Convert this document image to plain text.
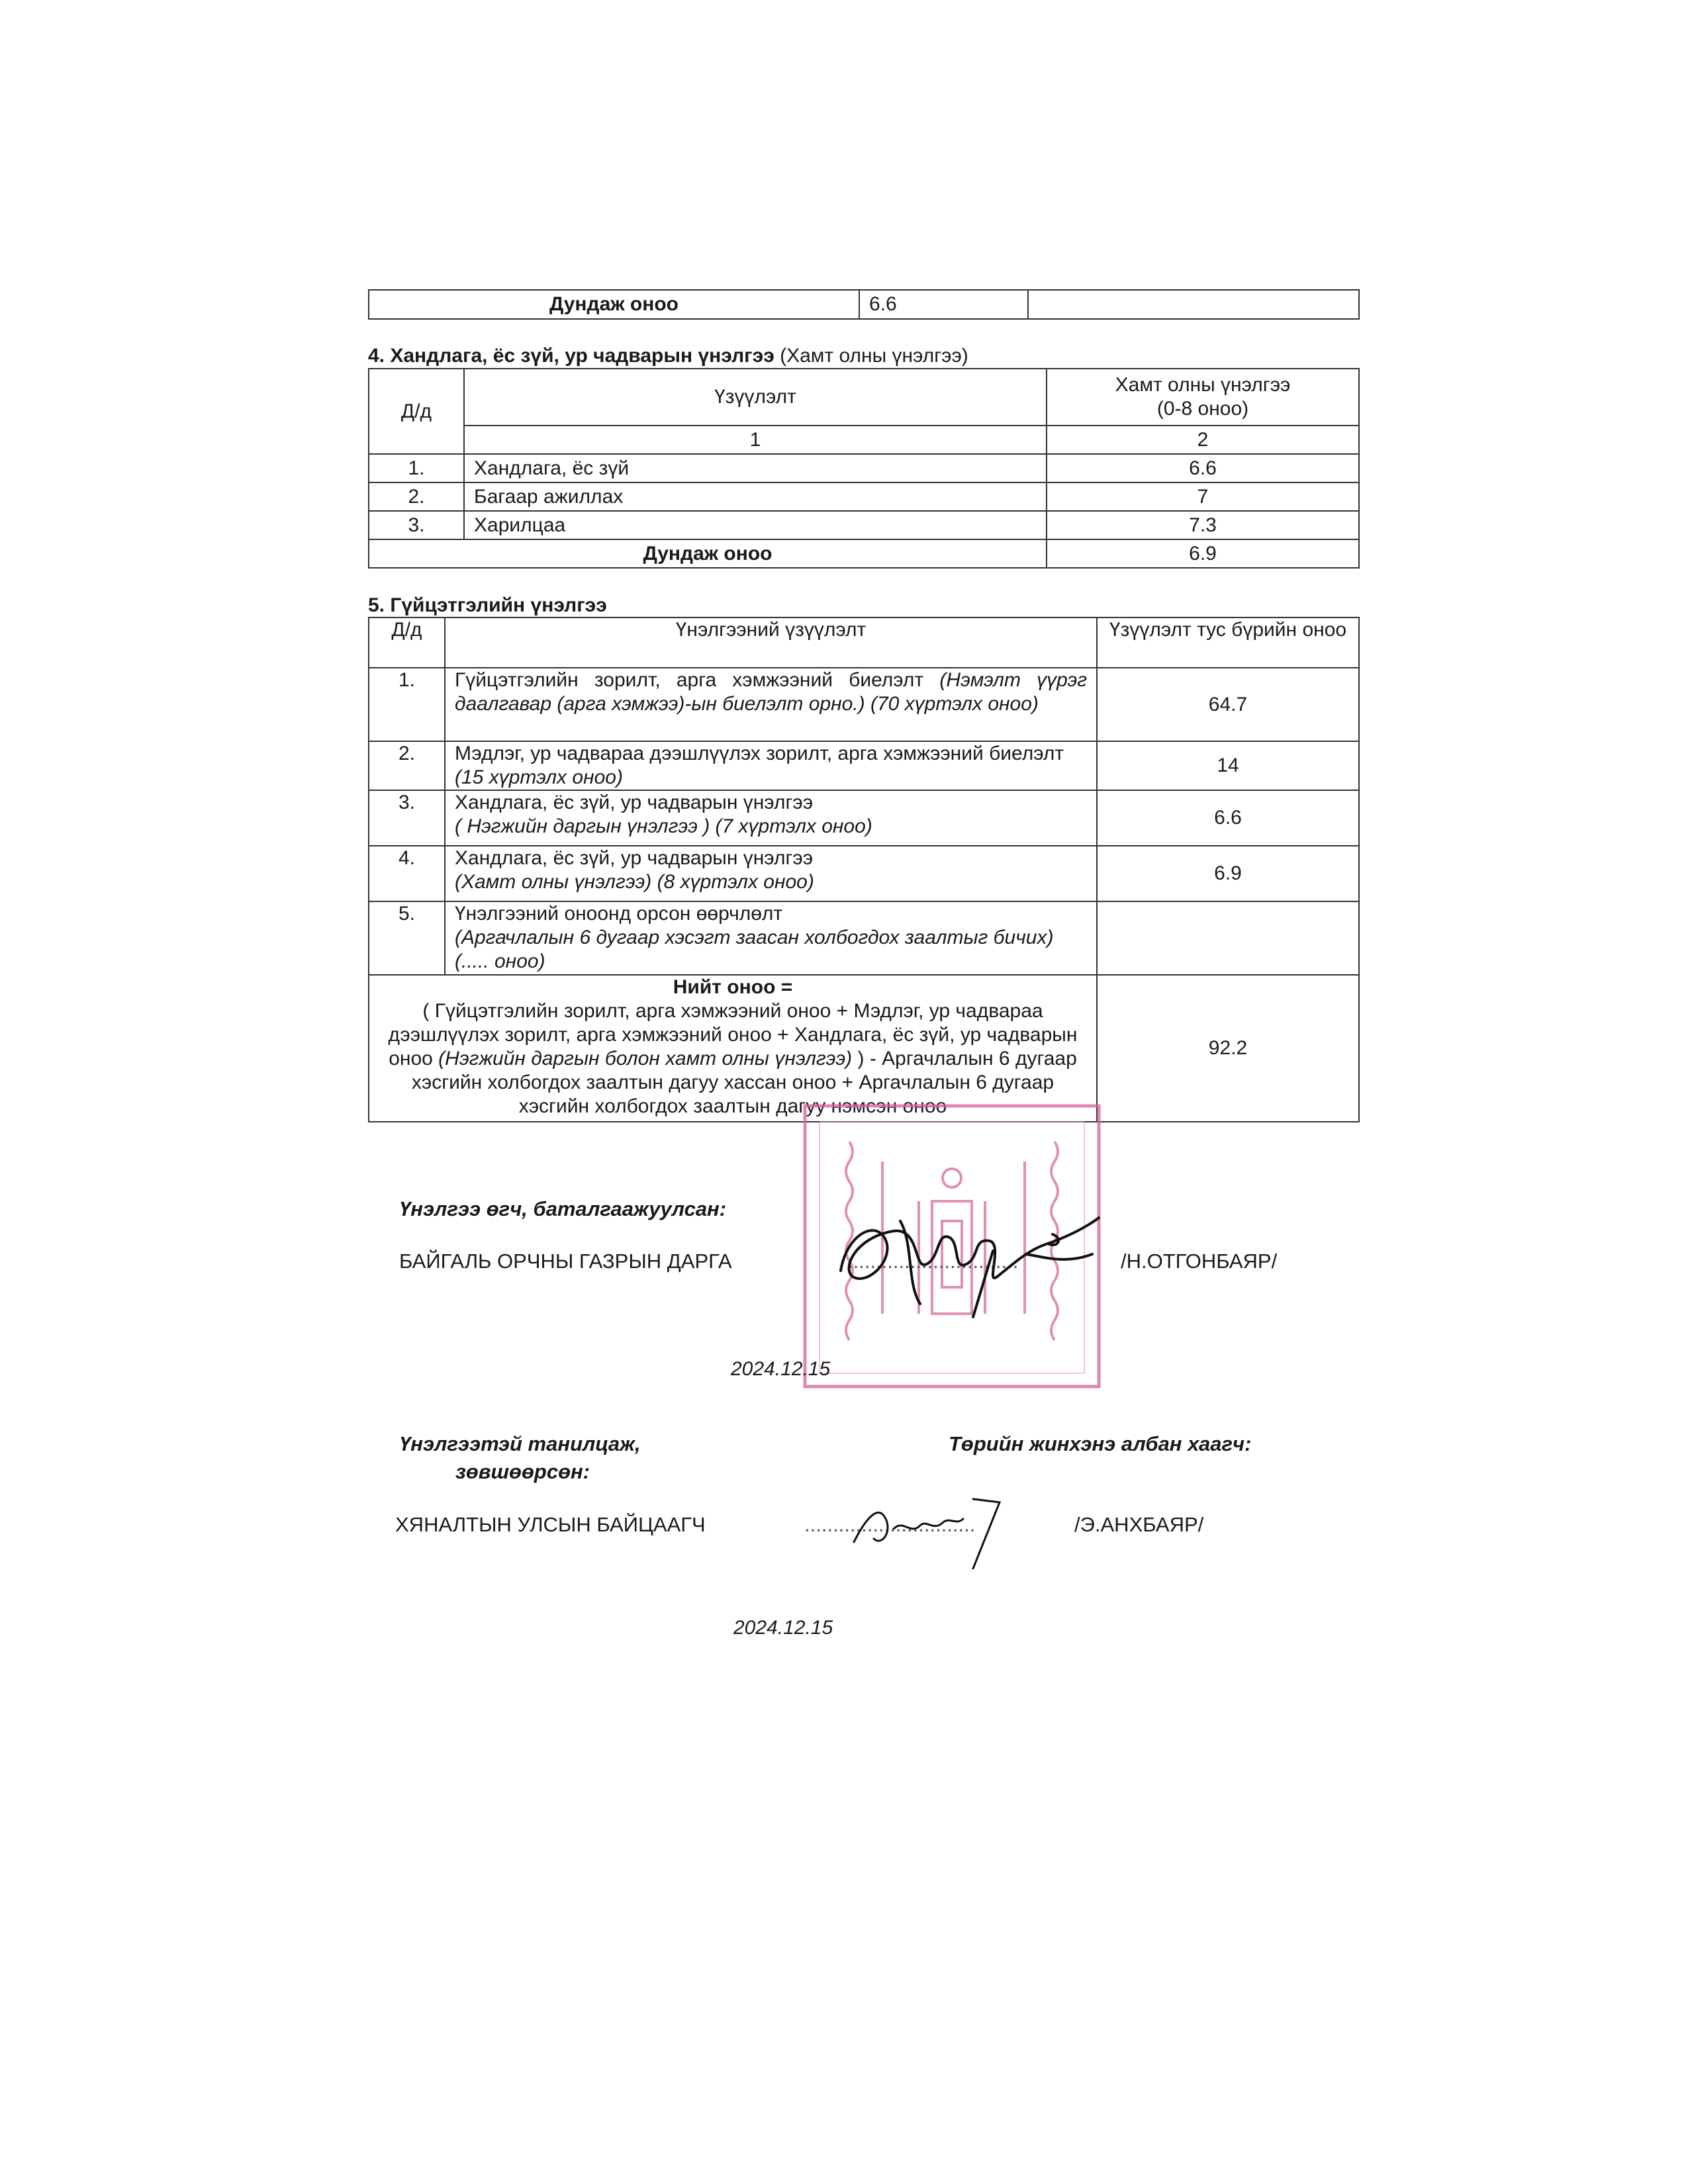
Дундаж оноо	6.6	
4. Хандлага, ёс зүй, ур чадварын үнэлгээ (Хамт олны үнэлгээ)
Д/д	Үзүүлэлт	Хамт олны үнэлгээ
(0-8 оноо)

	1	2
1.	Хандлага, ёс зүй	6.6
2.	Багаар ажиллах	7
3.	Харилцаа	7.3
Дундаж оноо		6.9
5. Гүйцэтгэлийн үнэлгээ
Д/д	Үнэлгээний үзүүлэлт	Үзүүлэлт тус бүрийн оноо
1.	Гүйцэтгэлийн зорилт, арга хэмжээний биелэлт (Нэмэлт үүрэг даалгавар (арга хэмжээ)-ын биелэлт орно.) (70 хүртэлх оноо)	64.7
2.	Мэдлэг, ур чадвараа дээшлүүлэх зорилт, арга хэмжээний биелэлт (15 хүртэлх оноо)	14
3.	Хандлага, ёс зүй, ур чадварын үнэлгээ
( Нэгжийн даргын үнэлгээ ) (7 хүртэлх оноо)	6.6
4.	Хандлага, ёс зүй, ур чадварын үнэлгээ
(Хамт олны үнэлгээ) (8 хүртэлх оноо)	6.9
5.	Үнэлгээний оноонд орсон өөрчлөлт
(Аргачлалын 6 дугаар хэсэгт заасан холбогдох заалтыг бичих) (..... оноо)	

Нийт оноо =
( Гүйцэтгэлийн зорилт, арга хэмжээний оноо + Мэдлэг, ур чадвараа дээшлүүлэх зорилт, арга хэмжээний оноо + Хандлага, ёс зүй, ур чадварын оноо (Нэгжийн даргын болон хамт олны үнэлгээ) ) - Аргачлалын 6 дугаар хэсгийн холбогдох заалтын дагуу хассан оноо + Аргачлалын 6 дугаар хэсгийн холбогдох заалтын дагуу нэмсэн оноо		92.2
Үнэлгээ өгч, баталгаажуулсан:
БАЙГАЛЬ ОРЧНЫ ГАЗРЫН ДАРГА	..............................	/Н.ОТГОНБАЯР/
2024.12.15
Үнэлгээтэй танилцаж,
зөвшөөрсөн:
Төрийн жинхэнэ албан хаагч:
ХЯНАЛТЫН УЛСЫН БАЙЦААГЧ	..............................	/Э.АНХБАЯР/
2024.12.15
